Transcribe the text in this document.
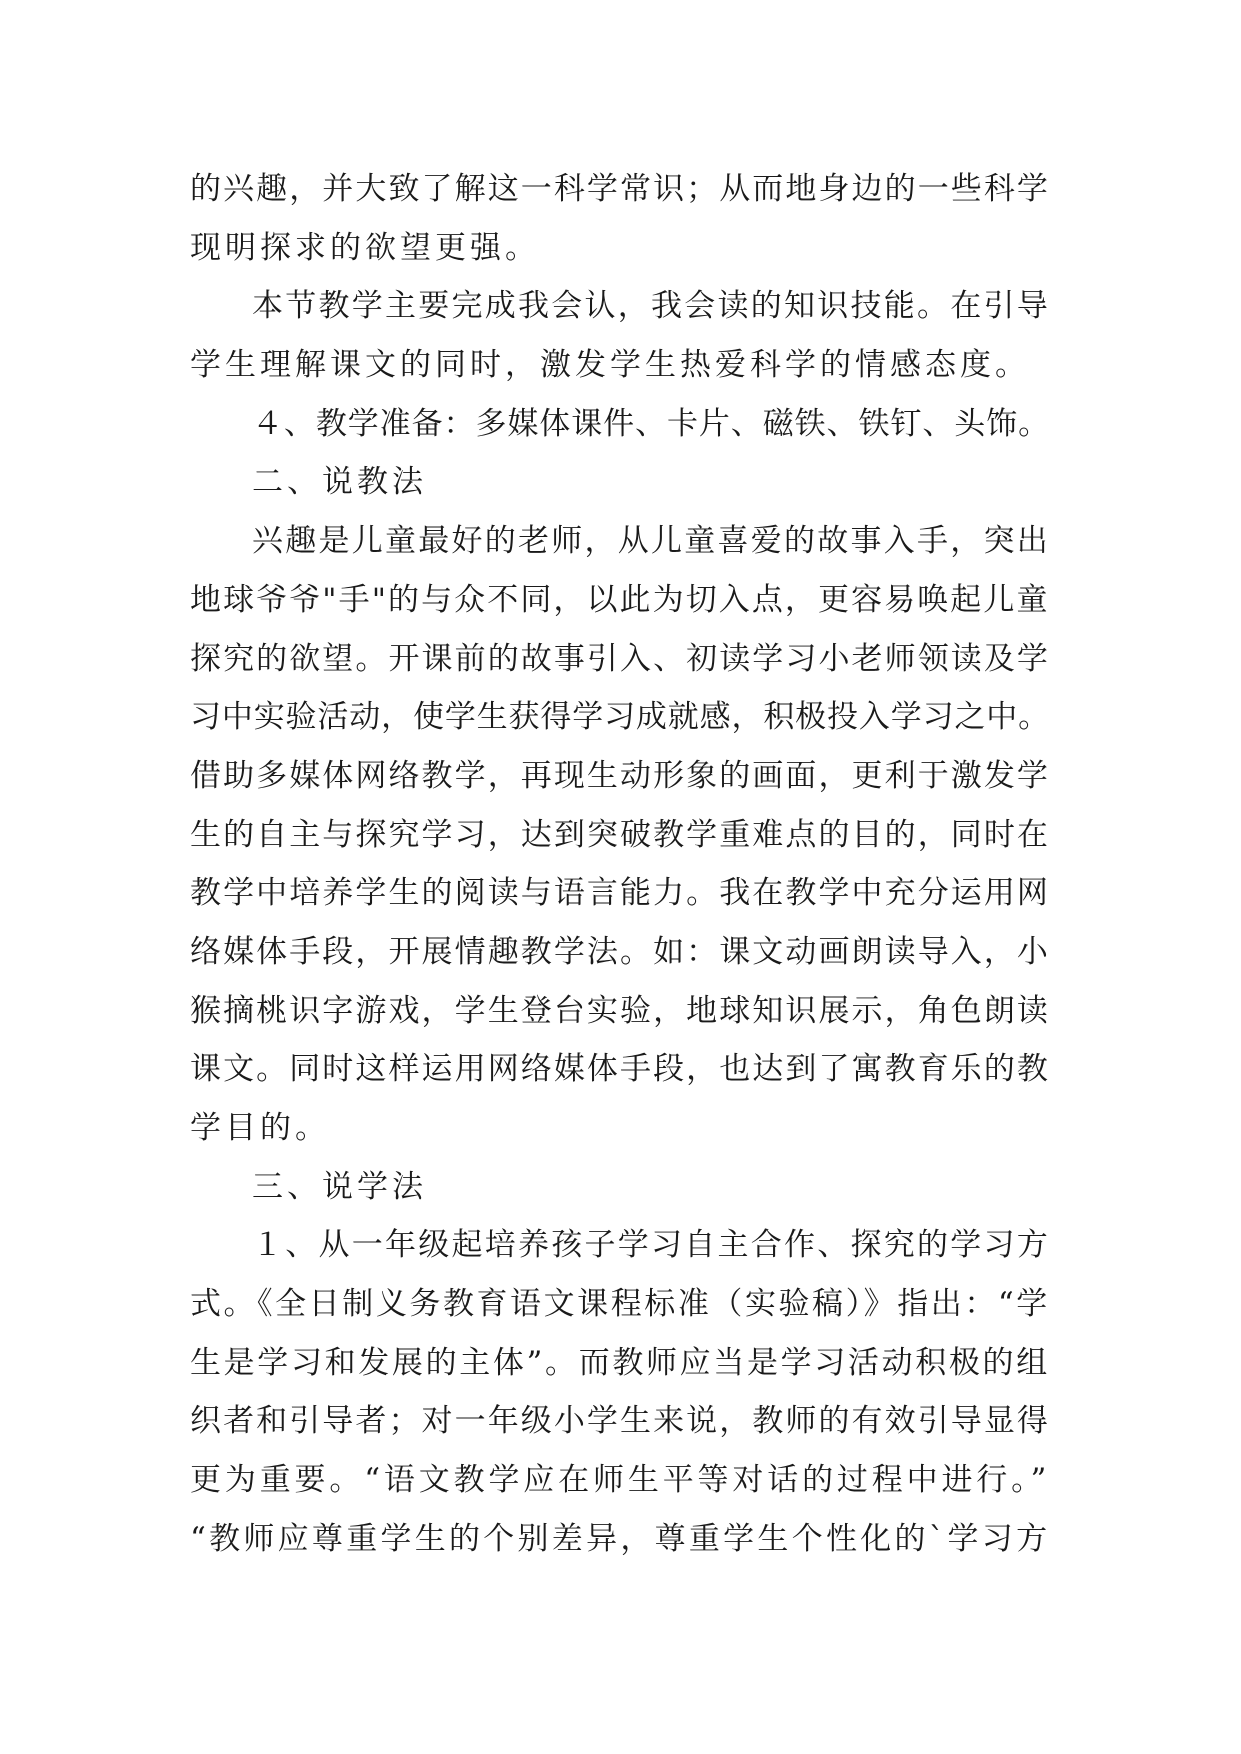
的兴趣，并大致了解这一科学常识；从而地身边的一些科学
现明探求的欲望更强。
本节教学主要完成我会认，我会读的知识技能。在引导
学生理解课文的同时，激发学生热爱科学的情感态度。
４、教学准备：多媒体课件、卡片、磁铁、铁钉、头饰。
二、说教法
兴趣是儿童最好的老师，从儿童喜爱的故事入手，突出
地球爷爷"手"的与众不同，以此为切入点，更容易唤起儿童
探究的欲望。开课前的故事引入、初读学习小老师领读及学
习中实验活动，使学生获得学习成就感，积极投入学习之中。
借助多媒体网络教学，再现生动形象的画面，更利于激发学
生的自主与探究学习，达到突破教学重难点的目的，同时在
教学中培养学生的阅读与语言能力。我在教学中充分运用网
络媒体手段，开展情趣教学法。如：课文动画朗读导入，小
猴摘桃识字游戏，学生登台实验，地球知识展示，角色朗读
课文。同时这样运用网络媒体手段，也达到了寓教育乐的教
学目的。
三、说学法
１、从一年级起培养孩子学习自主合作、探究的学习方
式。《全日制义务教育语文课程标准（实验稿）》指出：“学
生是学习和发展的主体”。而教师应当是学习活动积极的组
织者和引导者；对一年级小学生来说，教师的有效引导显得
更为重要。“语文教学应在师生平等对话的过程中进行。”
“教师应尊重学生的个别差异，尊重学生个性化的`学习方
